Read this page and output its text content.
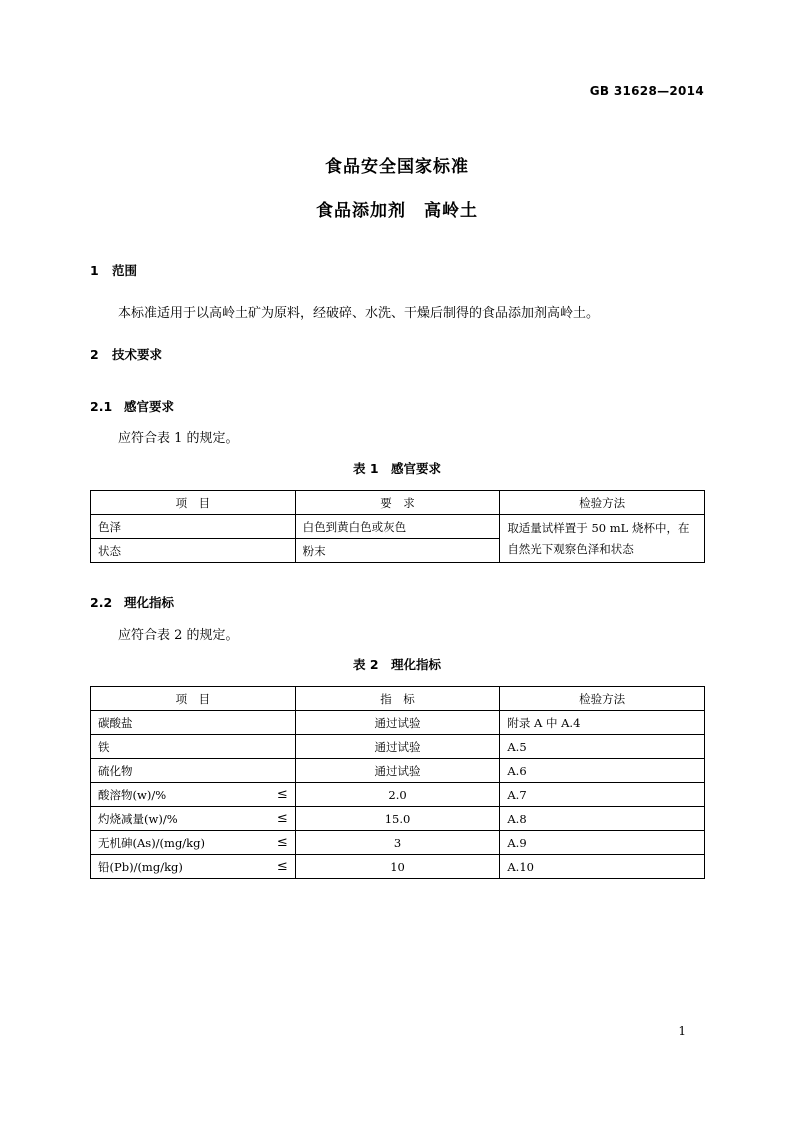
GB 31628—2014
食品安全国家标准
食品添加剂　高岭土
1 范围
本标准适用于以高岭土矿为原料，经破碎、水洗、干燥后制得的食品添加剂高岭土。
2 技术要求
2.1 感官要求
应符合表 1 的规定。
表 1　感官要求
项　目	要　求	检验方法
色泽	白色到黄白色或灰色	取适量试样置于 50 mL 烧杯中，在自然光下观察色泽和状态
状态	粉末	
2.2 理化指标
应符合表 2 的规定。
表 2　理化指标
项　目	指　标	检验方法
碳酸盐	通过试验	附录 A 中 A.4
铁	通过试验	A.5
硫化物	通过试验	A.6
酸溶物(w)/% ≤	2.0	A.7
灼烧减量(w)/% ≤	15.0	A.8
无机砷(As)/(mg/kg) ≤	3	A.9
铅(Pb)/(mg/kg) ≤	10	A.10
1
